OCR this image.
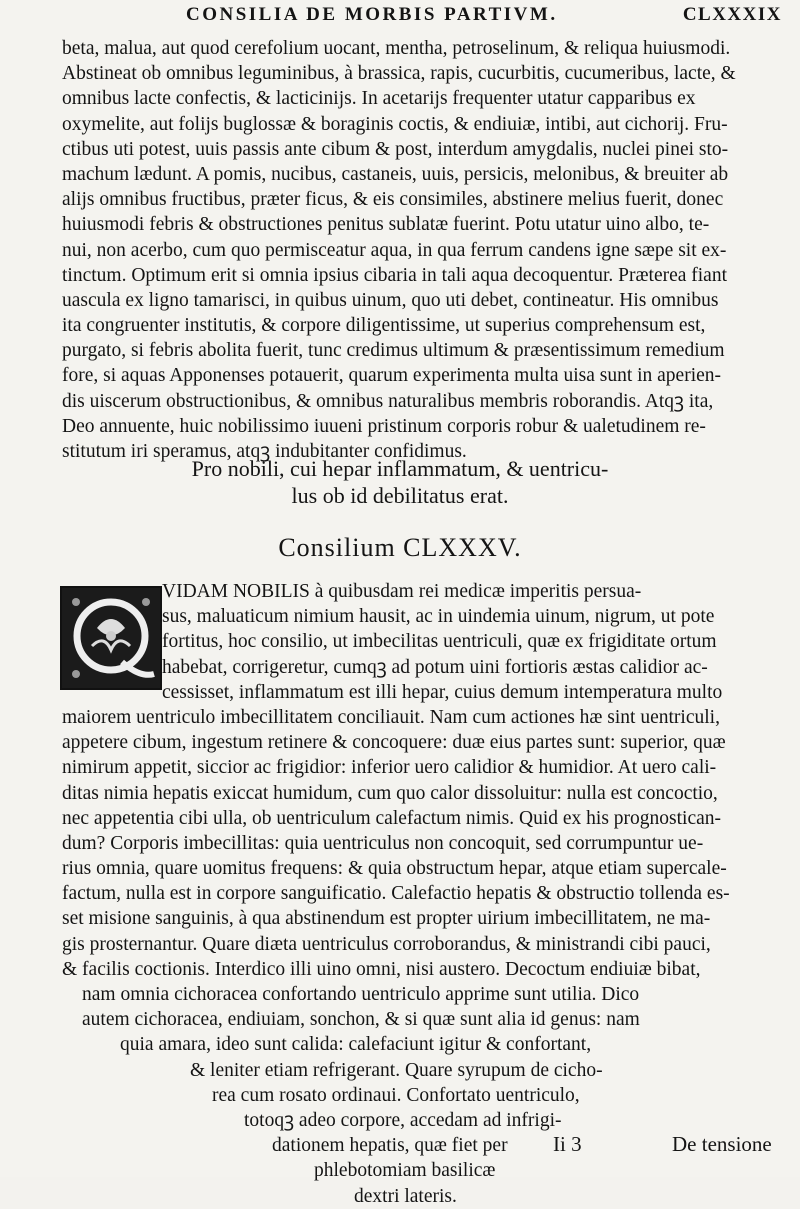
CONSILIA DE MORBIS PARTIVM.	CLXXXIX
beta, malua, aut quod cerefolium uocant, mentha, petroselinum, & reliqua huiusmodi.
Abstineat ob omnibus leguminibus, à brassica, rapis, cucurbitis, cucumeribus, lacte, &
omnibus lacte confectis, & lacticinijs. In acetarijs frequenter utatur capparibus ex
oxymelite, aut folijs buglossæ & boraginis coctis, & endiuiæ, intibi, aut cichorij. Fru-
ctibus uti potest, uuis passis ante cibum & post, interdum amygdalis, nuclei pinei sto-
machum lædunt. A pomis, nucibus, castaneis, uuis, persicis, melonibus, & breuiter ab
alijs omnibus fructibus, præter ficus, & eis consimiles, abstinere melius fuerit, donec
huiusmodi febris & obstructiones penitus sublatæ fuerint. Potu utatur uino albo, te-
nui, non acerbo, cum quo permisceatur aqua, in qua ferrum candens igne sæpe sit ex-
tinctum. Optimum erit si omnia ipsius cibaria in tali aqua decoquentur. Præterea fiant
uascula ex ligno tamarisci, in quibus uinum, quo uti debet, contineatur. His omnibus
ita congruenter institutis, & corpore diligentissime, ut superius comprehensum est,
purgato, si febris abolita fuerit, tunc credimus ultimum & præsentissimum remedium
fore, si aquas Apponenses potauerit, quarum experimenta multa uisa sunt in aperien-
dis uiscerum obstructionibus, & omnibus naturalibus membris roborandis. Atqꝫ ita,
Deo annuente, huic nobilissimo iuueni pristinum corporis robur & ualetudinem re-
stitutum iri speramus, atqꝫ indubitanter confidimus.
Pro nobili, cui hepar inflammatum, & uentricu-
lus ob id debilitatus erat.
Consilium CLXXXV.
VIDAM NOBILIS à quibusdam rei medicæ imperitis persua-
sus, maluaticum nimium hausit, ac in uindemia uinum, nigrum, ut pote
fortitus, hoc consilio, ut imbecilitas uentriculi, quæ ex frigiditate ortum
habebat, corrigeretur, cumqꝫ ad potum uini fortioris æstas calidior ac-
cessisset, inflammatum est illi hepar, cuius demum intemperatura multo
maiorem uentriculo imbecillitatem conciliauit. Nam cum actiones hæ sint uentriculi,
appetere cibum, ingestum retinere & concoquere: duæ eius partes sunt: superior, quæ
nimirum appetit, siccior ac frigidior: inferior uero calidior & humidior. At uero cali-
ditas nimia hepatis exiccat humidum, cum quo calor dissoluitur: nulla est concoctio,
nec appetentia cibi ulla, ob uentriculum calefactum nimis. Quid ex his prognostican-
dum? Corporis imbecillitas: quia uentriculus non concoquit, sed corrumpuntur ue-
rius omnia, quare uomitus frequens: & quia obstructum hepar, atque etiam supercale-
factum, nulla est in corpore sanguificatio. Calefactio hepatis & obstructio tollenda es-
set misione sanguinis, à qua abstinendum est propter uirium imbecillitatem, ne ma-
gis prosternantur. Quare diæta uentriculus corroborandus, & ministrandi cibi pauci,
& facilis coctionis. Interdico illi uino omni, nisi austero. Decoctum endiuiæ bibat,
nam omnia cichoracea confortando uentriculo apprime sunt utilia. Dico
autem cichoracea, endiuiam, sonchon, & si quæ sunt alia id genus: nam
quia amara, ideo sunt calida: calefaciunt igitur & confortant,
& leniter etiam refrigerant. Quare syrupum de cicho-
rea cum rosato ordinaui. Confortato uentriculo,
totoqꝫ adeo corpore, accedam ad infrigi-
dationem hepatis, quæ fiet per
phlebotomiam basilicæ
dextri lateris.
Ii 3	De tensione
